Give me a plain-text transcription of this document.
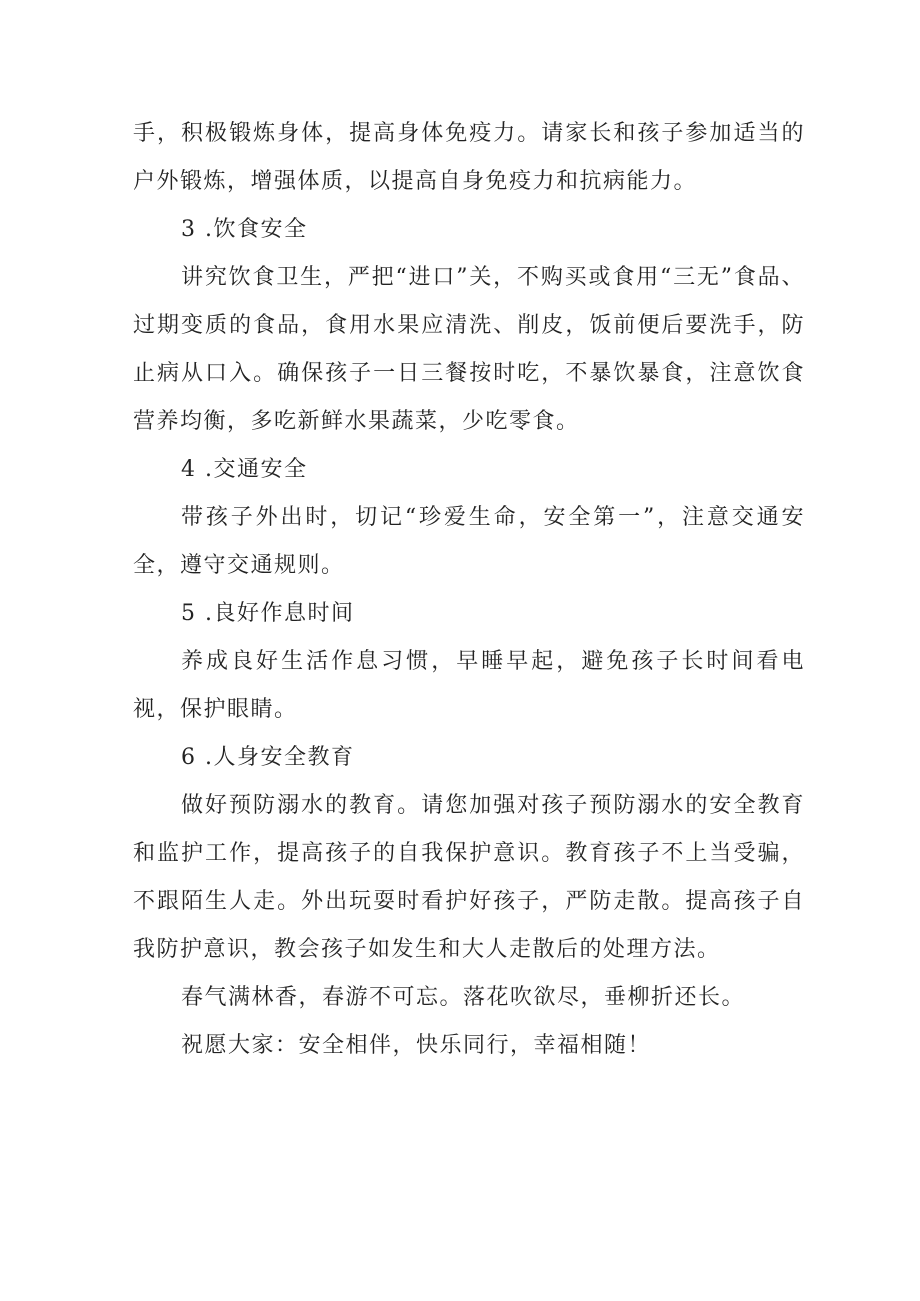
手，积极锻炼身体，提高身体免疫力。请家长和孩子参加适当的户外锻炼，增强体质，以提高自身免疫力和抗病能力。

3 .饮食安全

讲究饮食卫生，严把“进口”关，不购买或食用“三无”食品、过期变质的食品，食用水果应清洗、削皮，饭前便后要洗手，防止病从口入。确保孩子一日三餐按时吃，不暴饮暴食，注意饮食营养均衡，多吃新鲜水果蔬菜，少吃零食。

4 .交通安全

带孩子外出时，切记“珍爱生命，安全第一”，注意交通安全，遵守交通规则。

5 .良好作息时间

养成良好生活作息习惯，早睡早起，避免孩子长时间看电视，保护眼睛。

6 .人身安全教育

做好预防溺水的教育。请您加强对孩子预防溺水的安全教育和监护工作，提高孩子的自我保护意识。教育孩子不上当受骗，不跟陌生人走。外出玩耍时看护好孩子，严防走散。提高孩子自我防护意识，教会孩子如发生和大人走散后的处理方法。

春气满林香，春游不可忘。落花吹欲尽，垂柳折还长。

祝愿大家：安全相伴，快乐同行，幸福相随！
